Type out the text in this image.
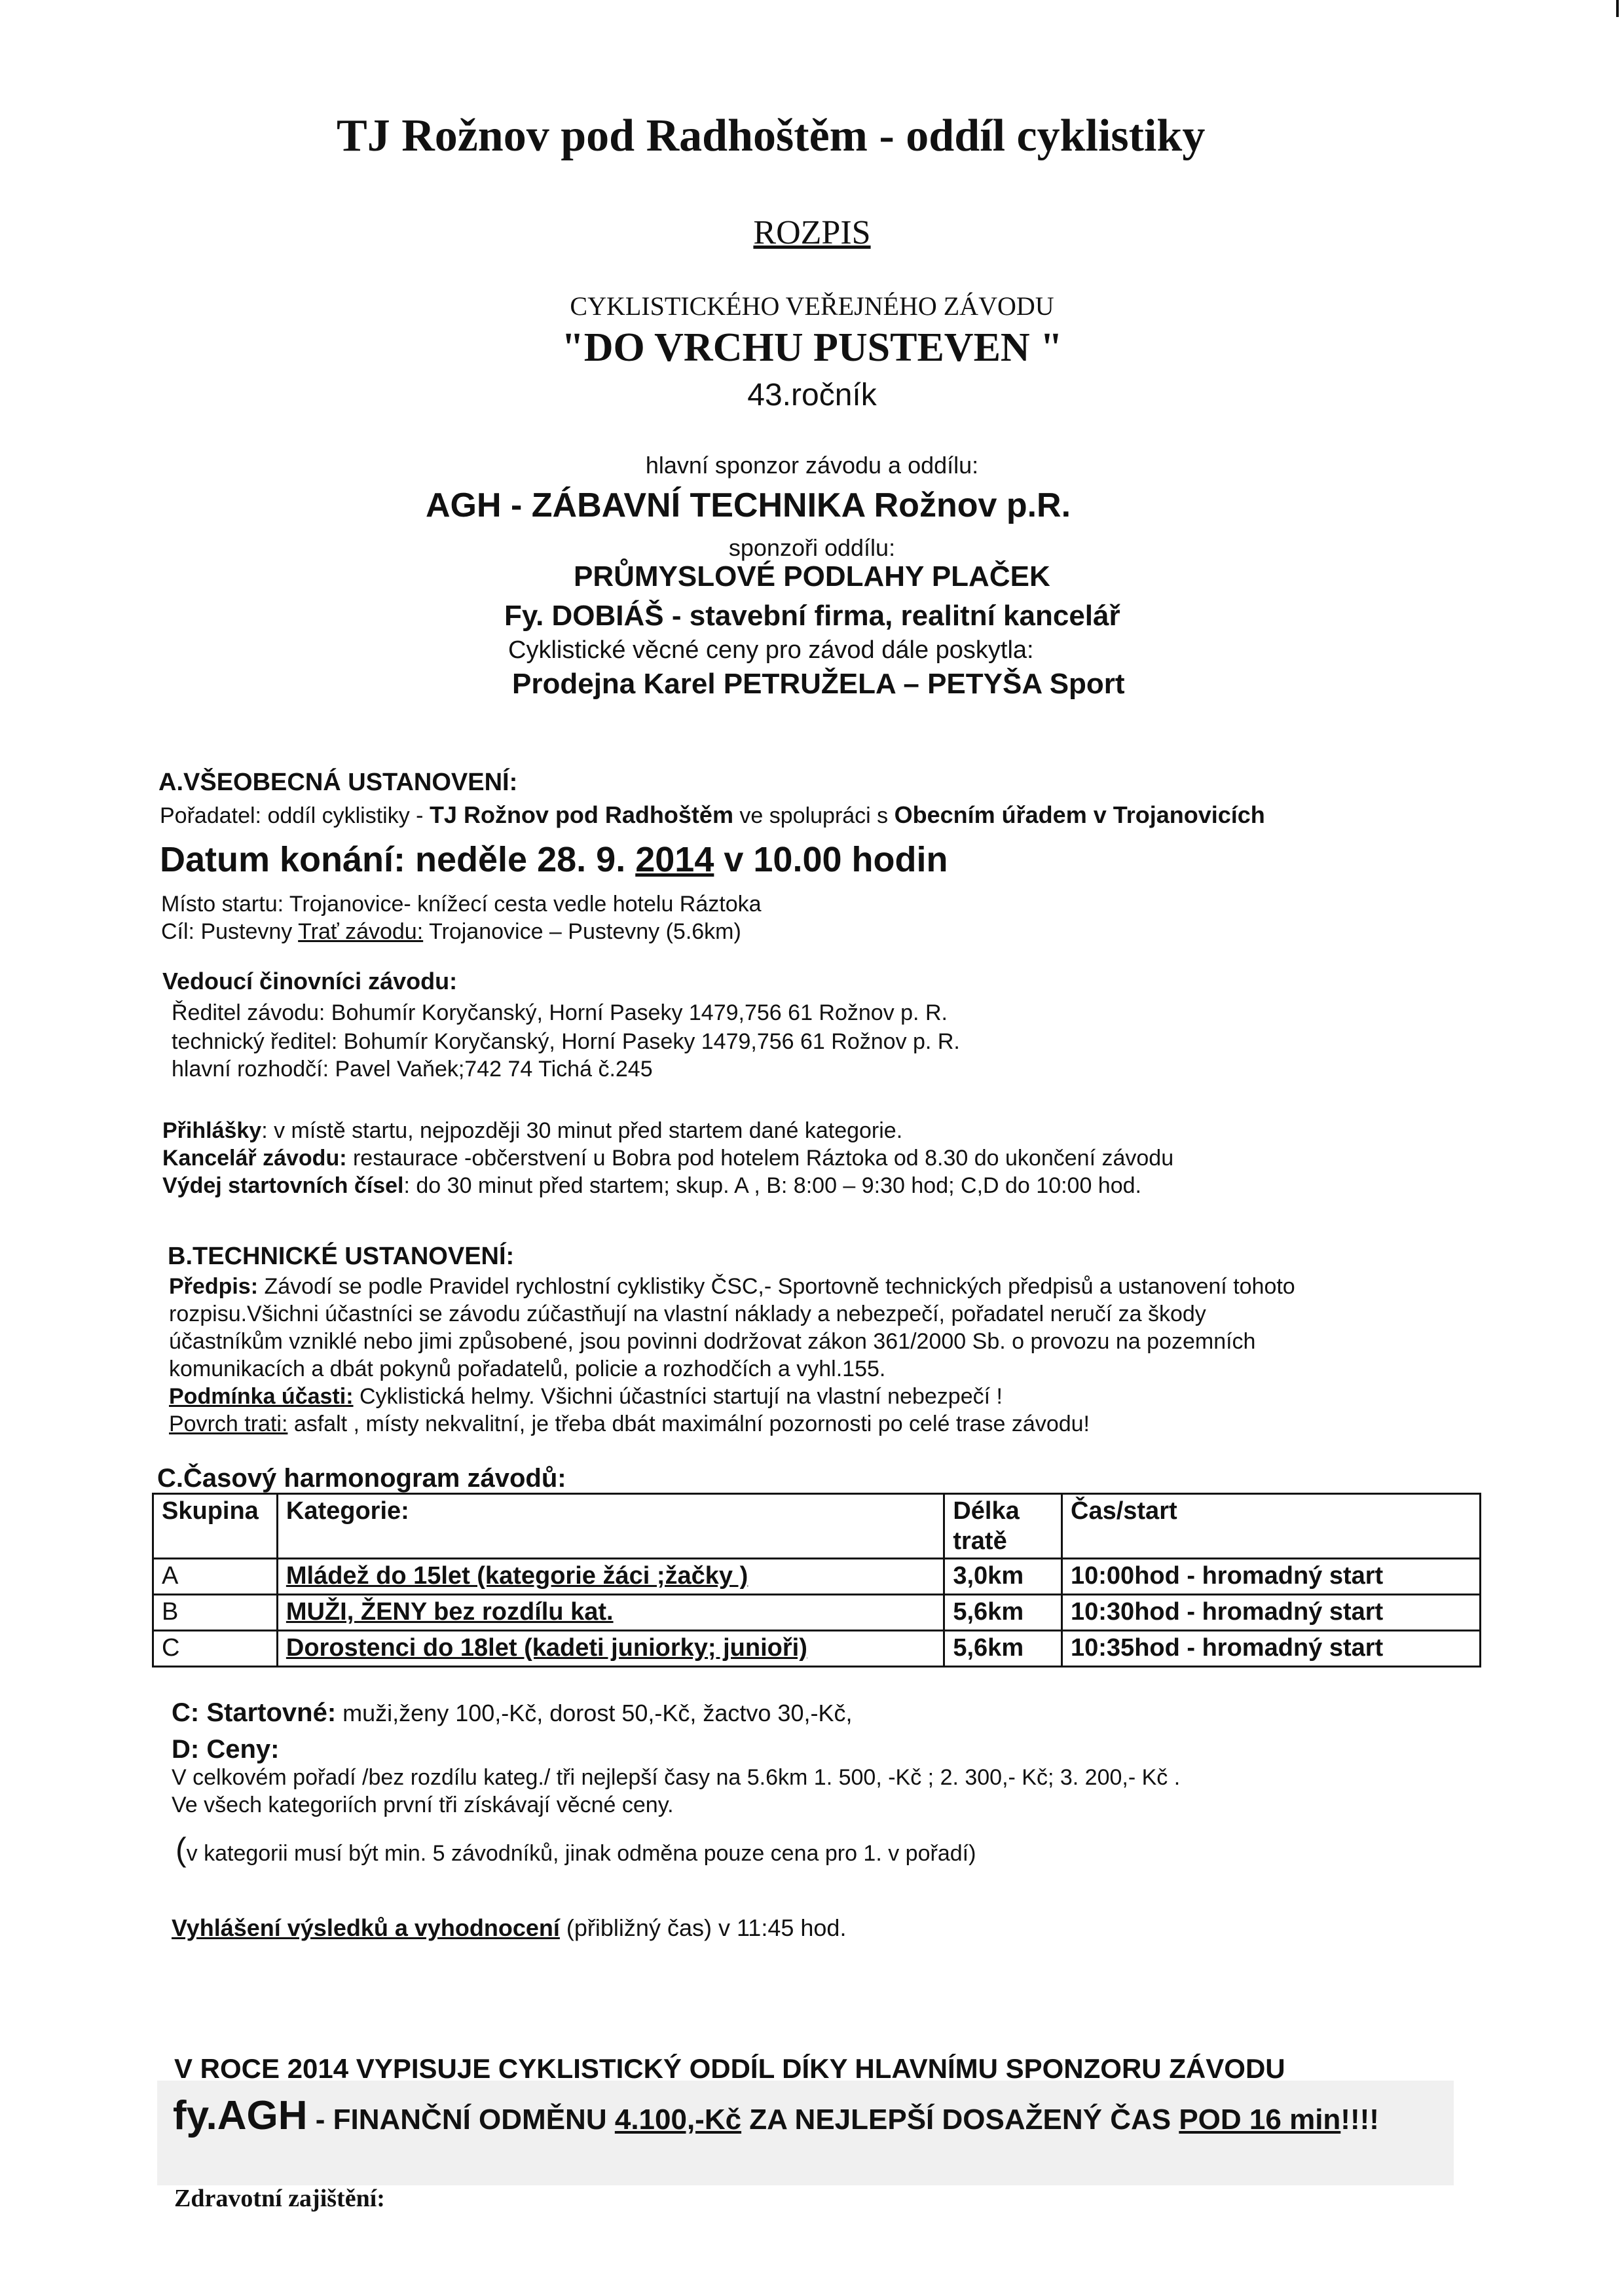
TJ Rožnov pod Radhoštěm - oddíl cyklistiky
ROZPIS
CYKLISTICKÉHO VEŘEJNÉHO ZÁVODU
"DO VRCHU PUSTEVEN "
43.ročník
hlavní sponzor závodu a oddílu:
AGH - ZÁBAVNÍ TECHNIKA Rožnov p.R.
sponzoři oddílu:
PRŮMYSLOVÉ PODLAHY PLAČEK
Fy. DOBIÁŠ - stavební firma, realitní kancelář
Cyklistické věcné ceny pro závod dále poskytla:
Prodejna Karel PETRUŽELA – PETYŠA Sport
A.VŠEOBECNÁ USTANOVENÍ:
Pořadatel: oddíl cyklistiky - TJ Rožnov pod Radhoštěm ve spolupráci s Obecním úřadem v Trojanovicích
Datum konání: neděle 28. 9. 2014 v 10.00 hodin
Místo startu: Trojanovice- knížecí cesta vedle hotelu Ráztoka
Cíl: Pustevny Trať závodu: Trojanovice – Pustevny (5.6km)
Vedoucí činovníci závodu:
Ředitel závodu: Bohumír Koryčanský, Horní Paseky 1479,756 61 Rožnov p. R.
technický ředitel: Bohumír Koryčanský, Horní Paseky 1479,756 61 Rožnov p. R.
hlavní rozhodčí: Pavel Vaňek;742 74 Tichá č.245
Přihlášky: v místě startu, nejpozději 30 minut před startem dané kategorie.
Kancelář závodu: restaurace -občerstvení u Bobra pod hotelem Ráztoka od 8.30 do ukončení závodu
Výdej startovních čísel: do 30 minut před startem; skup. A , B: 8:00 – 9:30 hod; C,D do 10:00 hod.
B.TECHNICKÉ USTANOVENÍ:
Předpis: Závodí se podle Pravidel rychlostní cyklistiky ČSC,- Sportovně technických předpisů a ustanovení tohoto
rozpisu.Všichni účastníci se závodu zúčastňují na vlastní náklady a nebezpečí, pořadatel neručí za škody
účastníkům vzniklé nebo jimi způsobené, jsou povinni dodržovat zákon 361/2000 Sb. o provozu na pozemních
komunikacích a dbát pokynů pořadatelů, policie a rozhodčích a vyhl.155.
Podmínka účasti: Cyklistická helmy. Všichni účastníci startují na vlastní nebezpečí !
Povrch trati: asfalt , místy nekvalitní, je třeba dbát maximální pozornosti po celé trase závodu!
C.Časový harmonogram závodů:
Skupina	Kategorie:	Délka tratě	Čas/start
A	Mládež do 15let (kategorie žáci ;žačky )	3,0km	10:00hod - hromadný start
B	MUŽI, ŽENY bez rozdílu kat.	5,6km	10:30hod - hromadný start
C	Dorostenci do 18let (kadeti juniorky; junioři)	5,6km	10:35hod - hromadný start
C: Startovné: muži,ženy 100,-Kč, dorost 50,-Kč, žactvo 30,-Kč,
D: Ceny:
V celkovém pořadí /bez rozdílu kateg./ tři nejlepší časy na 5.6km 1. 500, -Kč ; 2. 300,- Kč; 3. 200,- Kč .
Ve všech kategoriích první tři získávají věcné ceny.
(v kategorii musí být min. 5 závodníků, jinak odměna pouze cena pro 1. v pořadí)
Vyhlášení výsledků a vyhodnocení (přibližný čas) v 11:45 hod.
V ROCE 2014 VYPISUJE CYKLISTICKÝ ODDÍL DÍKY HLAVNÍMU SPONZORU ZÁVODU
fy.AGH - FINANČNÍ ODMĚNU 4.100,-Kč ZA NEJLEPŠÍ DOSAŽENÝ ČAS POD 16 min!!!!
Zdravotní zajištění:
